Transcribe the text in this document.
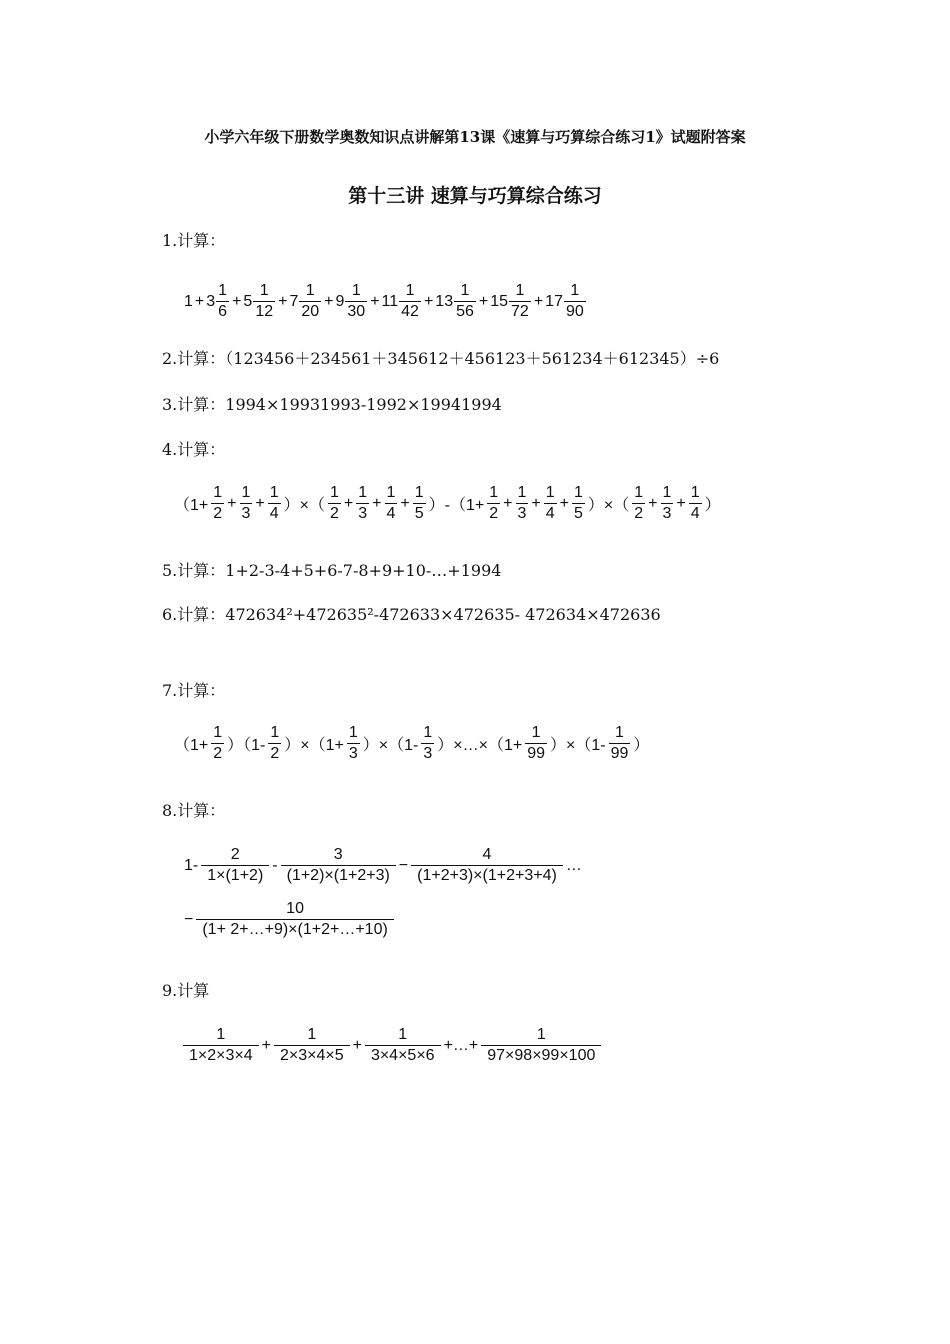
小学六年级下册数学奥数知识点讲解第13课《速算与巧算综合练习1》试题附答案
第十三讲 速算与巧算综合练习
1.计算：
$1 + 3 \frac{1}{6} + 5 \frac{1}{12} + 7 \frac{1}{20} + 9 \frac{1}{30} + 11 \frac{1}{42} + 13 \frac{1}{56} + 15 \frac{1}{72} + 17 \frac{1}{90}$
2.计算：（123456＋234561＋345612＋456123＋561234＋612345）÷6
3.计算：1994×19931993-1992×19941994
4.计算：
（$1+ \frac{1}{2} + \frac{1}{3} + \frac{1}{4}$ ）×（ $\frac{1}{2} + \frac{1}{3} + \frac{1}{4} + \frac{1}{5} )-(1+ \frac{1}{2} + \frac{1}{3} + \frac{1}{4} + \frac{1}{5}$ ）×（ $\frac{1}{2} + \frac{1}{3} + \frac{1}{4}$ ）
5.计算：1+2-3-4+5+6-7-8+9+10-…+1994
6.计算：472634²+472635²-472633×472635- 472634×472636
7.计算：
$(1+ \frac{1}{2} )(1- \frac{1}{2} )\times(1+ \frac{1}{3} )\times(1- \frac{1}{3}$ ）×…×（1+ $\frac{1}{99} )\times(1- \frac{1}{99}$ ）
8.计算：
$1- \frac{2}{1\times(1+2)} - \frac{3}{(1+2)\times(1+2+3)} - \frac{4}{(1+2+3)\times(1+2+3+4)}$ …
− $\frac{10}{(1+ 2+\dots+9)\times(1+2+\dots+10)}$
9.计算
$\frac{1}{1\times 2\times 3\times 4} + \frac{1}{2\times 3\times 4\times 5} + \frac{1}{3\times 4\times 5\times 6}$ +…+ $\frac{1}{97\times 98\times 99\times 100}$
